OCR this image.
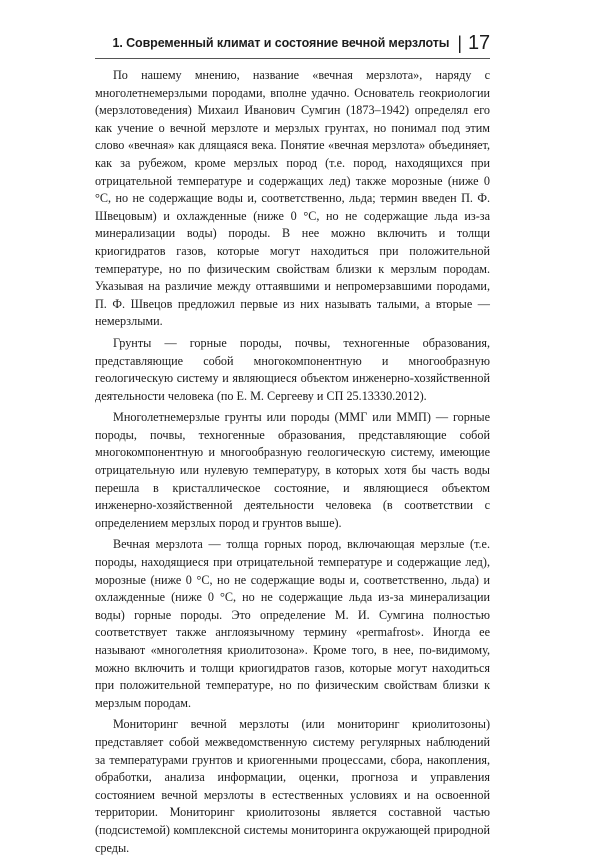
1. Современный климат и состояние вечной мерзлоты | 17

По нашему мнению, название «вечная мерзлота», наряду с многолетнемерзлыми породами, вполне удачно. Основатель геокриологии (мерзлотоведения) Михаил Иванович Сумгин (1873–1942) определял его как учение о вечной мерзлоте и мерзлых грунтах, но понимал под этим слово «вечная» как длящаяся века. Понятие «вечная мерзлота» объединяет, как за рубежом, кроме мерзлых пород (т.е. пород, находящихся при отрицательной температуре и содержащих лед) также морозные (ниже 0 °С, но не содержащие воды и, соответственно, льда; термин введен П. Ф. Швецовым) и охлажденные (ниже 0 °С, но не содержащие льда из-за минерализации воды) породы. В нее можно включить и толщи криогидратов газов, которые могут находиться при положительной температуре, но по физическим свойствам близки к мерзлым породам. Указывая на различие между оттаявшими и непромерзавшими породами, П. Ф. Швецов предложил первые из них называть талыми, а вторые — немерзлыми.

Грунты — горные породы, почвы, техногенные образования, представляющие собой многокомпонентную и многообразную геологическую систему и являющиеся объектом инженерно-хозяйственной деятельности человека (по Е. М. Сергееву и СП 25.13330.2012).

Многолетнемерзлые грунты или породы (ММГ или ММП) — горные породы, почвы, техногенные образования, представляющие собой многокомпонентную и многообразную геологическую систему, имеющие отрицательную или нулевую температуру, в которых хотя бы часть воды перешла в кристаллическое состояние, и являющиеся объектом инженерно-хозяйственной деятельности человека (в соответствии с определением мерзлых пород и грунтов выше).

Вечная мерзлота — толща горных пород, включающая мерзлые (т.е. породы, находящиеся при отрицательной температуре и содержащие лед), морозные (ниже 0 °С, но не содержащие воды и, соответственно, льда) и охлажденные (ниже 0 °С, но не содержащие льда из-за минерализации воды) горные породы. Это определение М. И. Сумгина полностью соответствует также англоязычному термину «permafrost». Иногда ее называют «многолетняя криолитозона». Кроме того, в нее, по-видимому, можно включить и толщи криогидратов газов, которые могут находиться при положительной температуре, но по физическим свойствам близки к мерзлым породам.

Мониторинг вечной мерзлоты (или мониторинг криолитозоны) представляет собой межведомственную систему регулярных наблюдений за температурами грунтов и криогенными процессами, сбора, накопления, обработки, анализа информации, оценки, прогноза и управления состоянием вечной мерзлоты в естественных условиях и на освоенной территории. Мониторинг криолитозоны является составной частью (подсистемой) комплексной системы мониторинга окружающей природной среды.
